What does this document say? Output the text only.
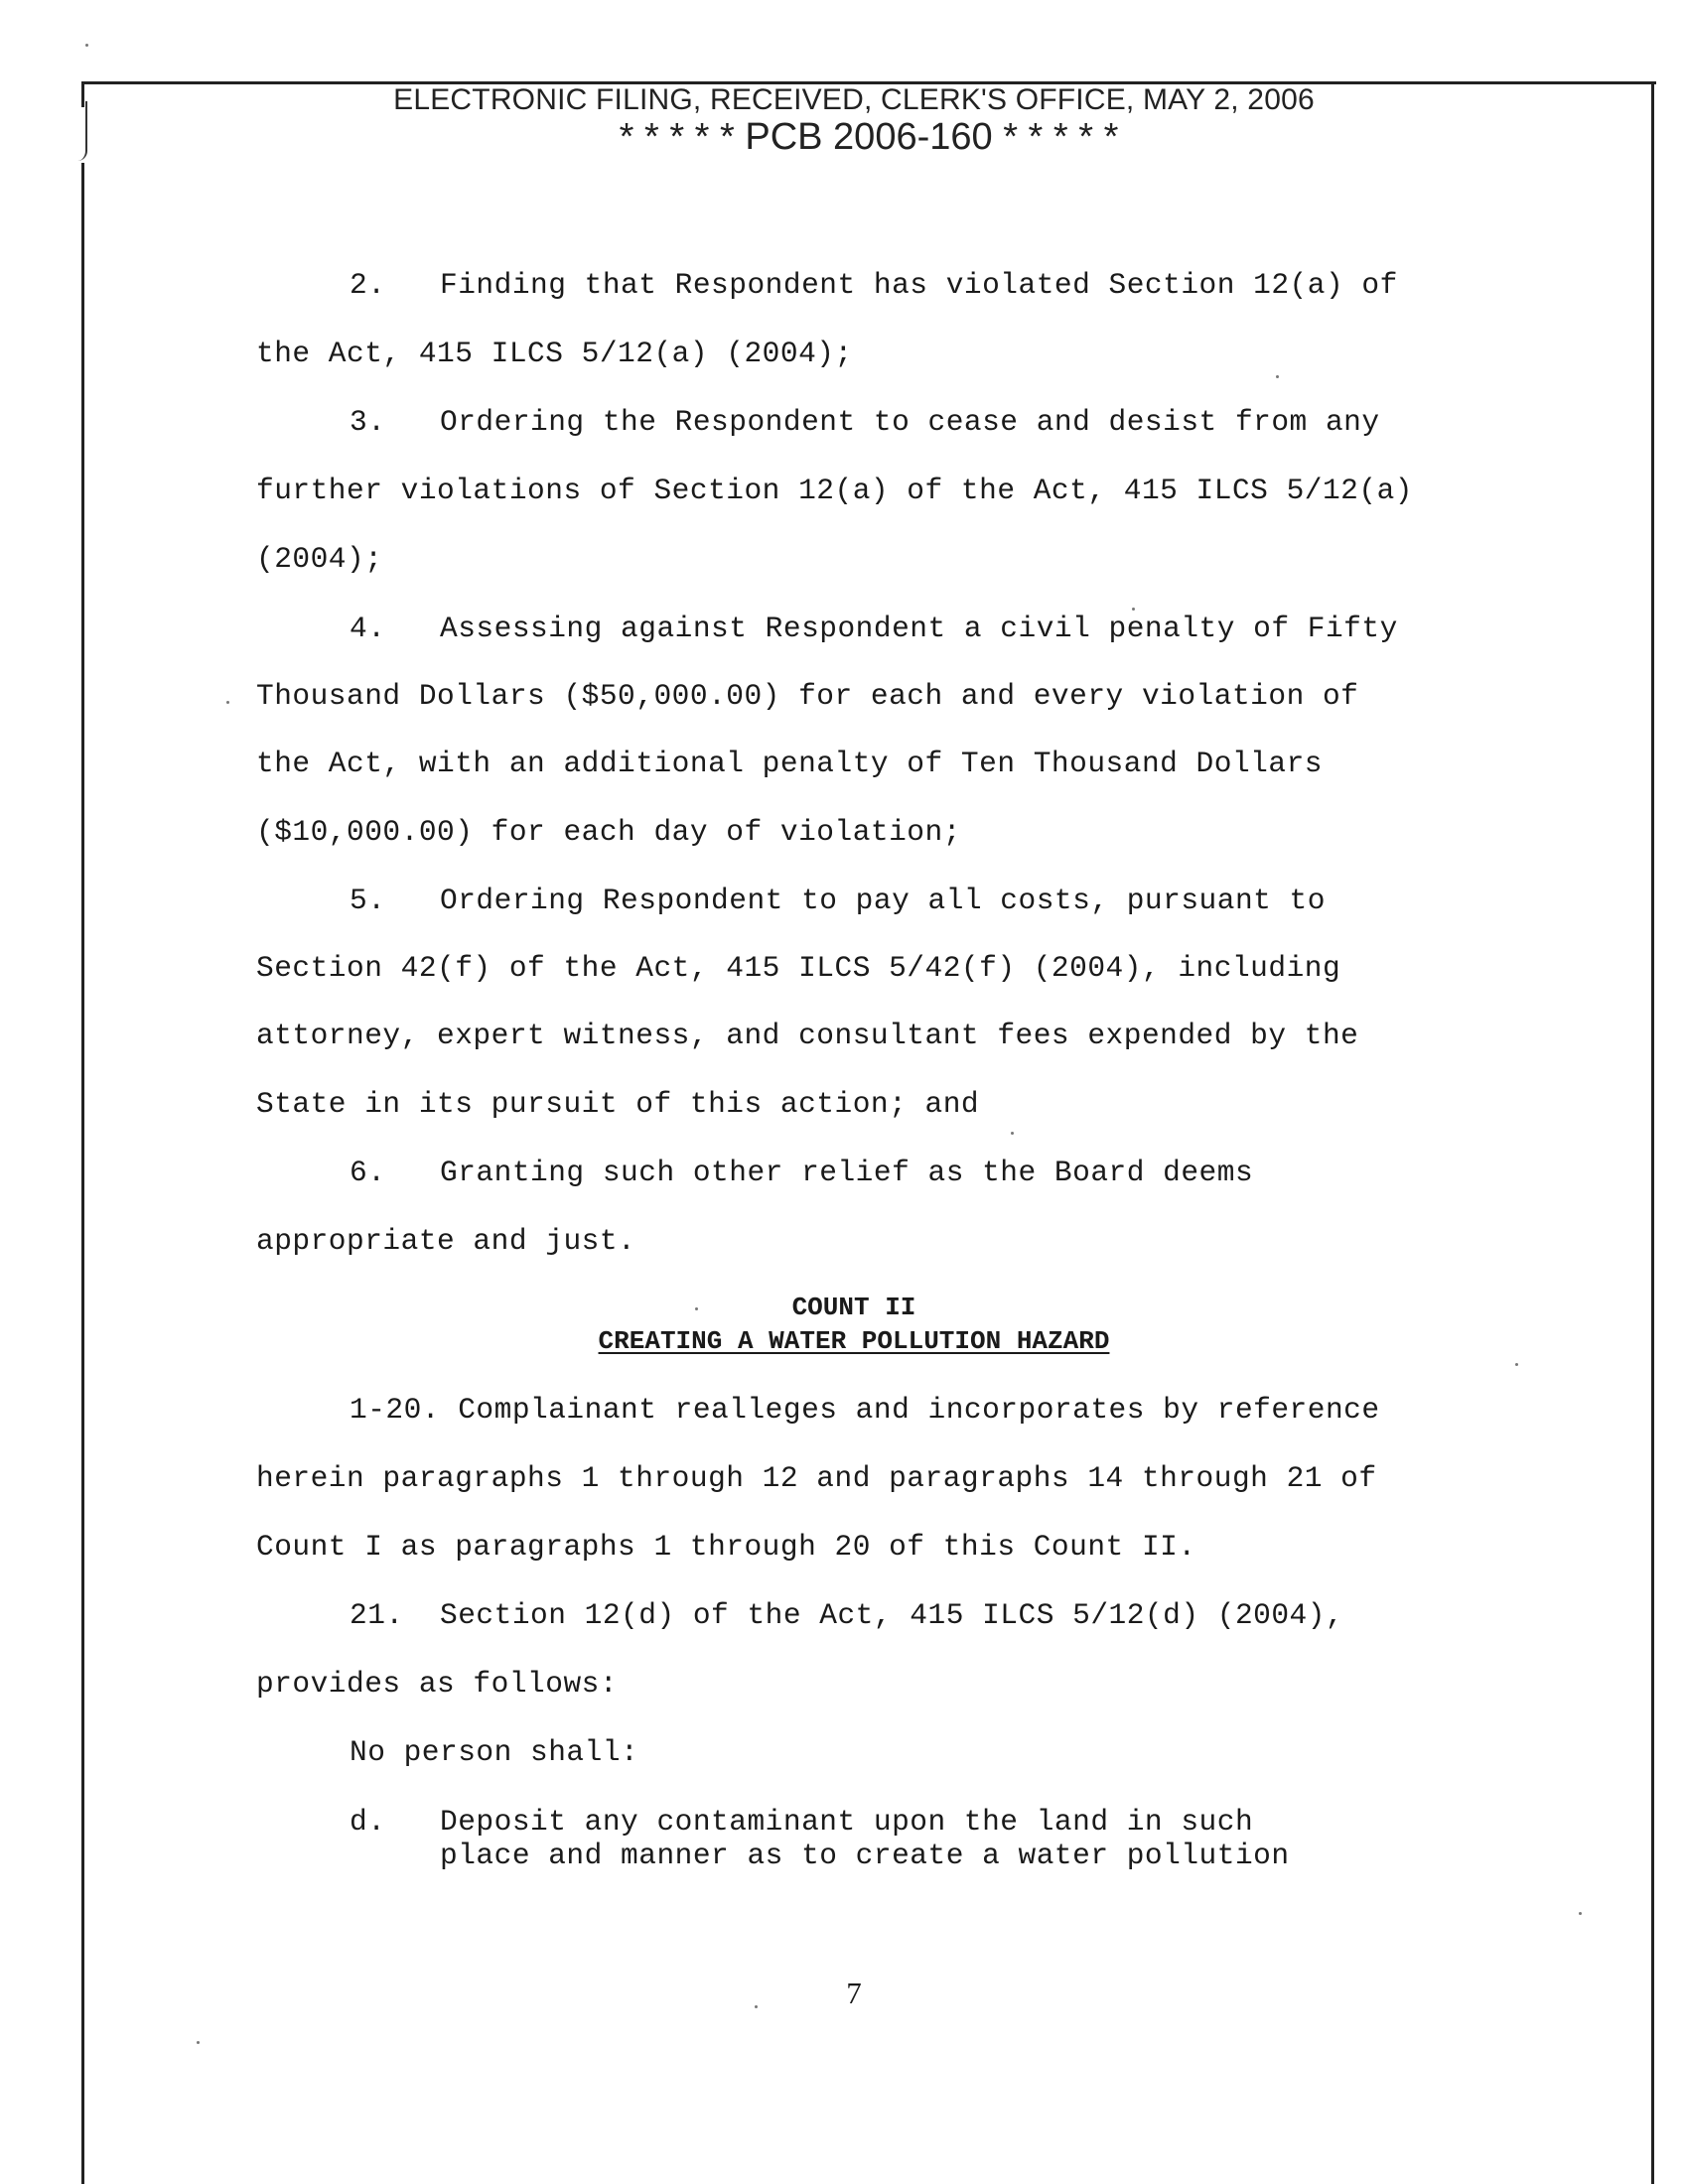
ELECTRONIC FILING, RECEIVED, CLERK'S OFFICE, MAY 2, 2006
* * * * * PCB 2006-160 * * * * *
2.   Finding that Respondent has violated Section 12(a) of
the Act, 415 ILCS 5/12(a) (2004);
3.   Ordering the Respondent to cease and desist from any
further violations of Section 12(a) of the Act, 415 ILCS 5/12(a)
(2004);
4.   Assessing against Respondent a civil penalty of Fifty
Thousand Dollars ($50,000.00) for each and every violation of
the Act, with an additional penalty of Ten Thousand Dollars
($10,000.00) for each day of violation;
5.   Ordering Respondent to pay all costs, pursuant to
Section 42(f) of the Act, 415 ILCS 5/42(f) (2004), including
attorney, expert witness, and consultant fees expended by the
State in its pursuit of this action; and
6.   Granting such other relief as the Board deems
appropriate and just.
COUNT II
CREATING A WATER POLLUTION HAZARD
1-20. Complainant realleges and incorporates by reference
herein paragraphs 1 through 12 and paragraphs 14 through 21 of
Count I as paragraphs 1 through 20 of this Count II.
21.  Section 12(d) of the Act, 415 ILCS 5/12(d) (2004),
provides as follows:
No person shall:
d.   Deposit any contaminant upon the land in such
place and manner as to create a water pollution
7
